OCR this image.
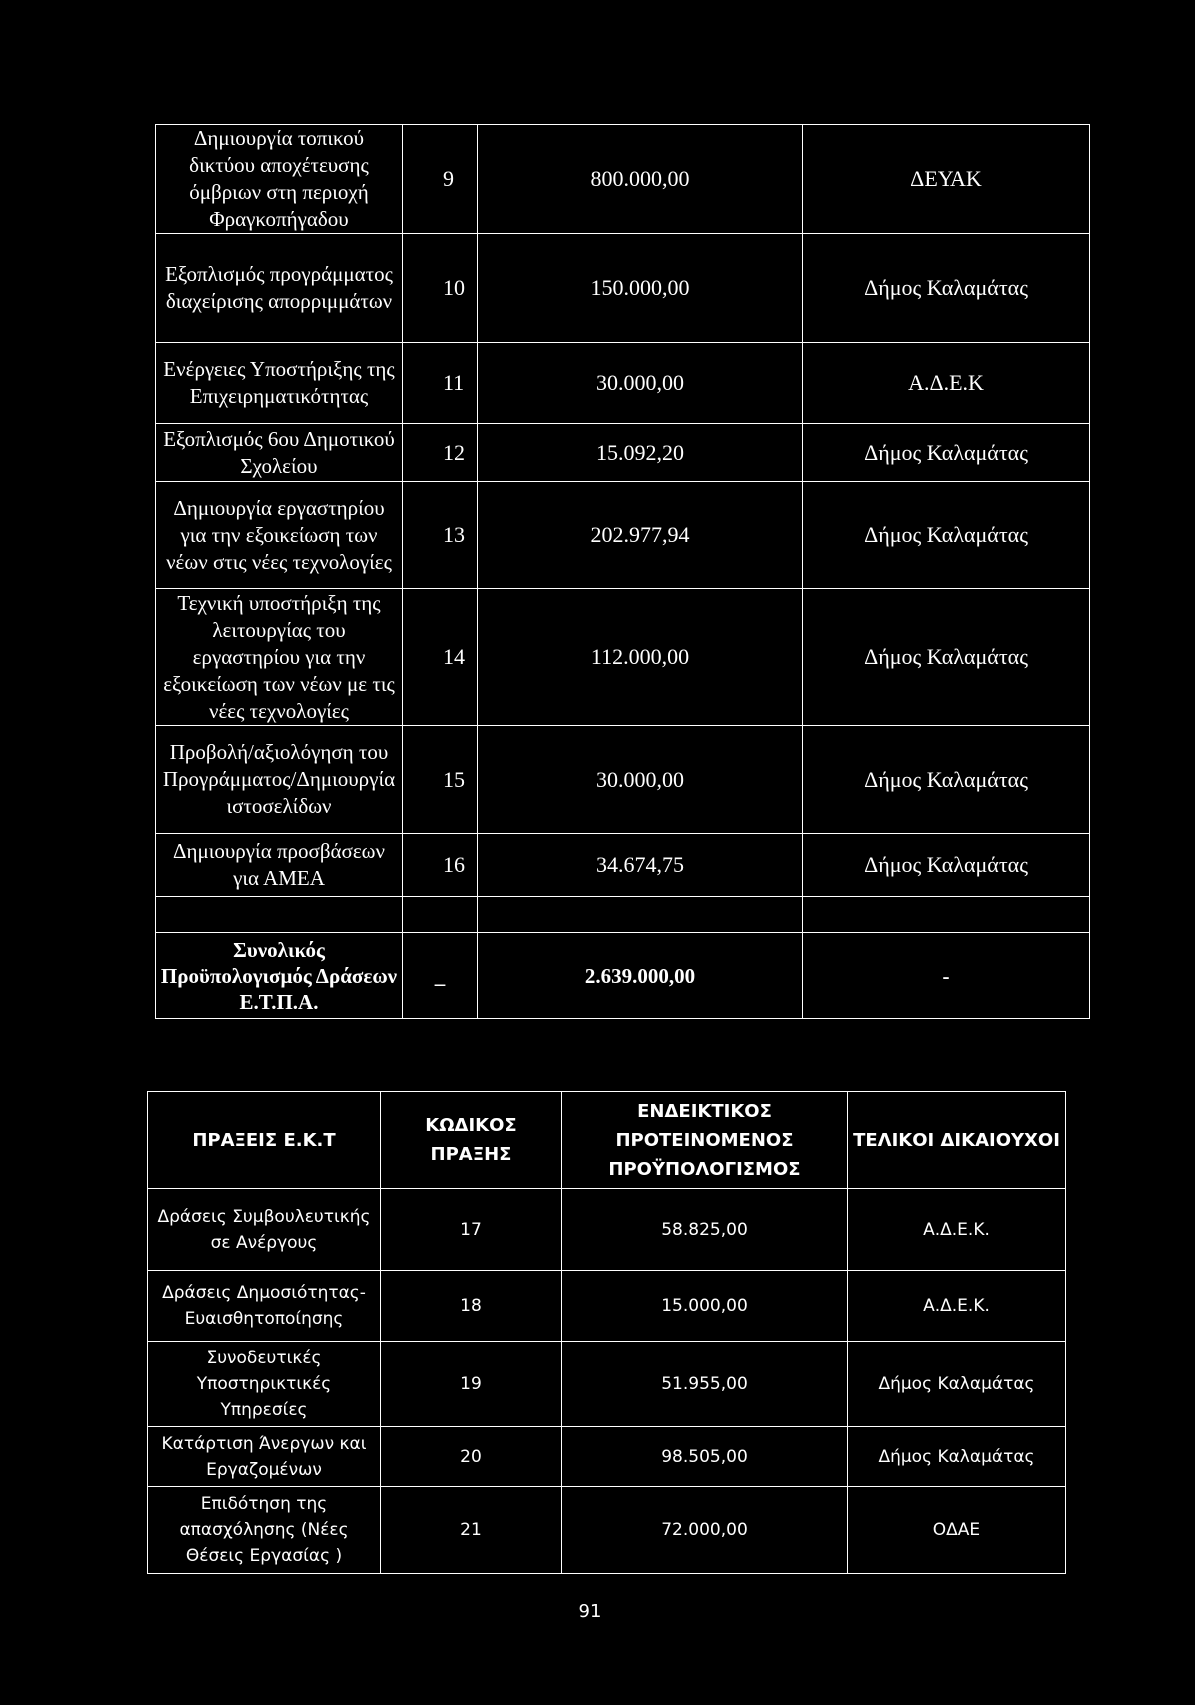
Δημιουργία τοπικού δικτύου αποχέτευσης όμβριων στη περιοχή Φραγκοπήγαδου	9	800.000,00	ΔΕΥΑΚ
Εξοπλισμός προγράμματος διαχείρισης απορριμμάτων	10	150.000,00	Δήμος Καλαμάτας
Ενέργειες Υποστήριξης της Επιχειρηματικότητας	11	30.000,00	Α.Δ.Ε.Κ
Εξοπλισμός 6ου Δημοτικού Σχολείου	12	15.092,20	Δήμος Καλαμάτας
Δημιουργία εργαστηρίου για την εξοικείωση των νέων στις νέες τεχνολογίες	13	202.977,94	Δήμος Καλαμάτας
Τεχνική υποστήριξη της λειτουργίας του εργαστηρίου για την εξοικείωση των νέων με τις νέες τεχνολογίες	14	112.000,00	Δήμος Καλαμάτας
Προβολή/αξιολόγηση του Προγράμματος/Δημιουργία ιστοσελίδων	15	30.000,00	Δήμος Καλαμάτας
Δημιουργία προσβάσεων για ΑΜΕΑ	16	34.674,75	Δήμος Καλαμάτας

Συνολικός Προϋπολογισμός Δράσεων Ε.Τ.Π.Α.	_	2.639.000,00	-
ΠΡΑΞΕΙΣ Ε.Κ.Τ	ΚΩΔΙΚΟΣ ΠΡΑΞΗΣ	ΕΝΔΕΙΚΤΙΚΟΣ ΠΡΟΤΕΙΝΟΜΕΝΟΣ ΠΡΟΫΠΟΛΟΓΙΣΜΟΣ	ΤΕΛΙΚΟΙ ΔΙΚΑΙΟΥΧΟΙ
Δράσεις Συμβουλευτικής σε Ανέργους	17	58.825,00	Α.Δ.Ε.Κ.
Δράσεις Δημοσιότητας-Ευαισθητοποίησης	18	15.000,00	Α.Δ.Ε.Κ.
Συνοδευτικές Υποστηρικτικές Υπηρεσίες	19	51.955,00	Δήμος Καλαμάτας
Κατάρτιση Άνεργων και Εργαζομένων	20	98.505,00	Δήμος Καλαμάτας
Επιδότηση της απασχόλησης (Νέες Θέσεις Εργασίας )	21	72.000,00	ΟΔΑΕ
91
